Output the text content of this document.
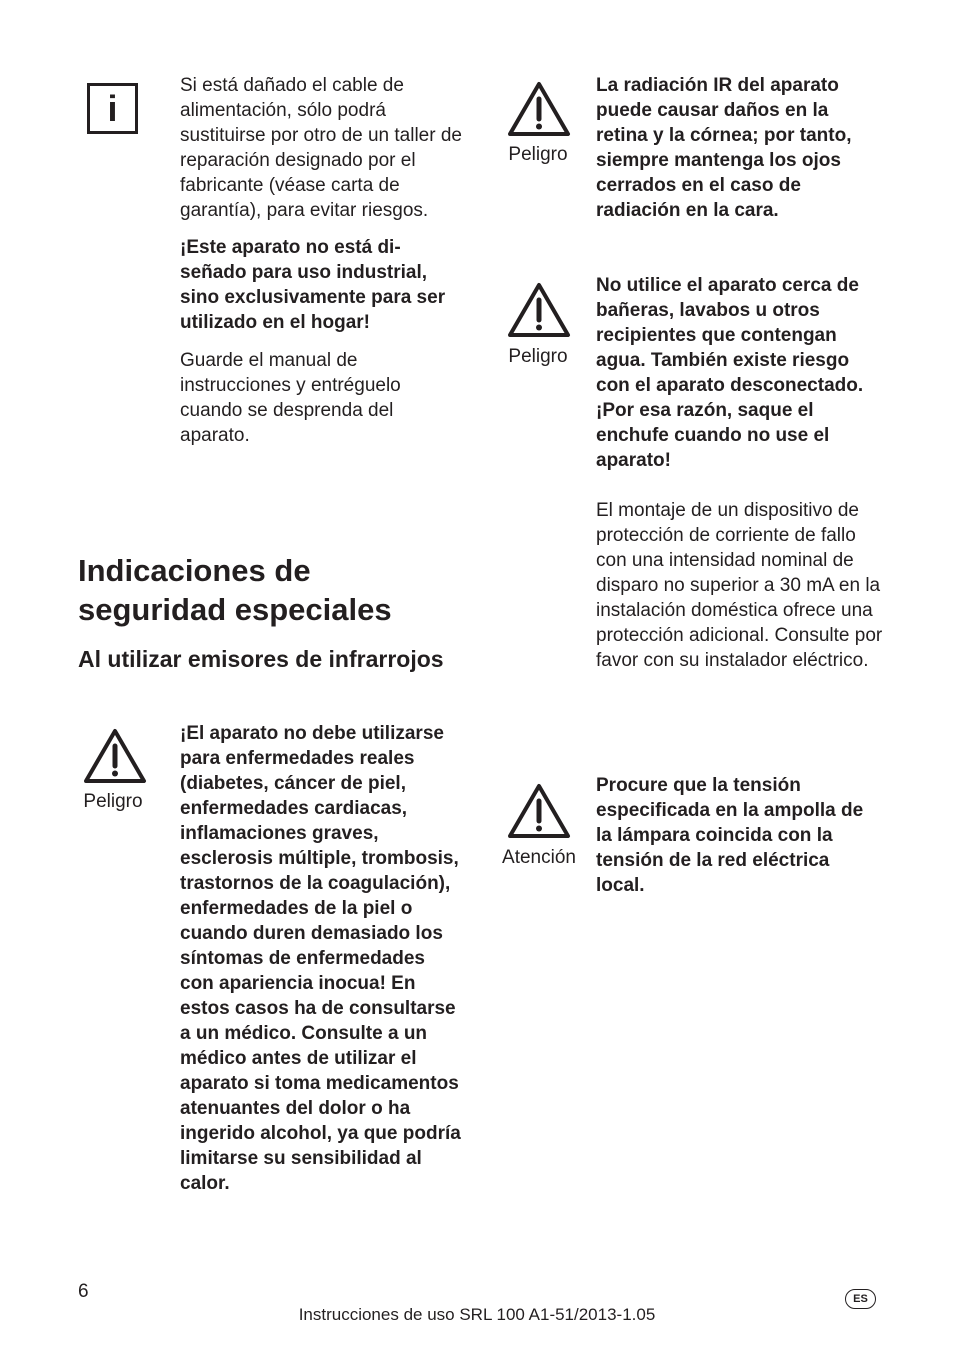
i
Si está dañado el cable de alimentación, sólo podrá sustituirse por otro de un taller de reparación designado por el fabricante (véase carta de garantía), para evitar riesgos.
¡Este aparato no está di-señado para uso industrial, sino exclusivamente para ser utilizado en el hogar!
Guarde el manual de instrucciones y entréguelo cuando se desprenda del aparato.
Indicaciones de seguridad especiales
Al utilizar emisores de infrarrojos
Peligro
¡El aparato no debe utilizarse para enfermedades reales (diabetes, cáncer de piel, enfermedades cardiacas, inflamaciones graves, esclerosis múltiple, trombosis, trastornos de la coagulación), enfermedades de la piel o cuando duren demasiado los síntomas de enfermedades con apariencia inocua! En estos casos ha de consultarse a un médico. Consulte a un médico antes de utilizar el aparato si toma medicamentos atenuantes del dolor o ha ingerido alcohol, ya que podría limitarse su sensibilidad al calor.
Peligro
La radiación IR del aparato puede causar daños en la retina y la córnea; por tanto, siempre mantenga los ojos cerrados en el caso de radiación en la cara.
Peligro
No utilice el aparato cerca de bañeras, lavabos u otros recipientes que contengan agua. También existe riesgo con el aparato desconectado. ¡Por esa razón, saque el enchufe cuando no use el aparato!
El montaje de un dispositivo de protección de corriente de fallo con una intensidad nominal de disparo no superior a 30 mA en la instalación doméstica ofrece una protección adicional. Consulte por favor con su instalador eléctrico.
Atención
Procure que la tensión especificada en la ampolla de la lámpara coincida con la tensión de la red eléctrica local.
6
Instrucciones de uso SRL 100 A1-51/2013-1.05
ES
